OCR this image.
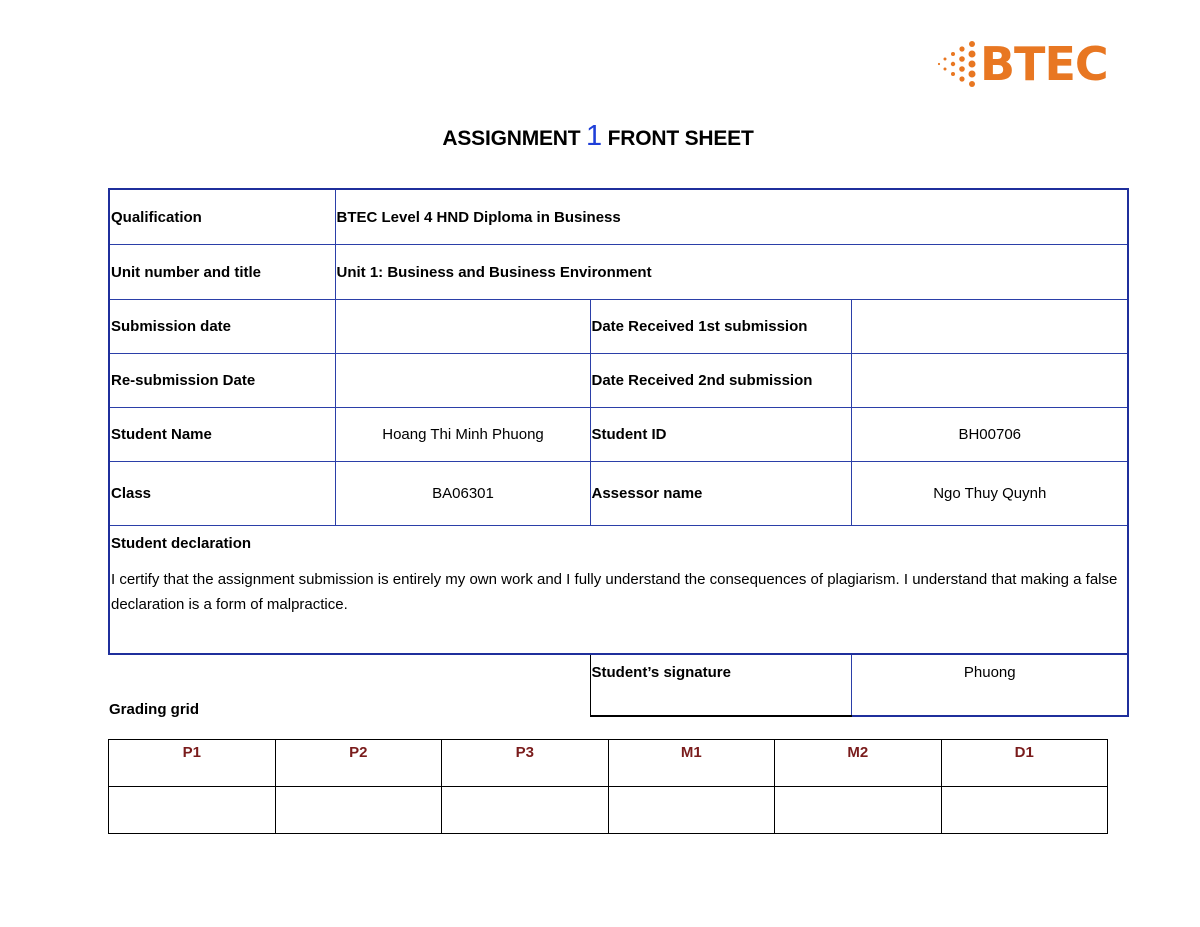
BTEC
ASSIGNMENT 1 FRONT SHEET
Qualification	BTEC Level 4 HND Diploma in Business		
Unit number and title	Unit 1: Business and Business Environment		
Submission date		Date Received 1st submission	
Re-submission Date		Date Received 2nd submission	
Student Name	Hoang Thi Minh Phuong	Student ID	BH00706
Class	BA06301	Assessor name	Ngo Thuy Quynh

Student declaration
I certify that the assignment submission is entirely my own work and I fully understand the consequences of plagiarism. I understand that making a false declaration is a form of malpractice.			

		Student’s signature	Phuong
Grading grid
P1	P2	P3	M1	M2	D1
